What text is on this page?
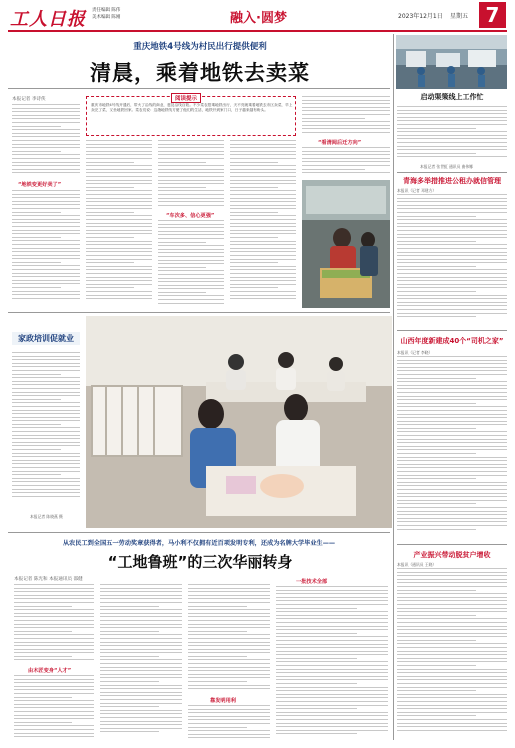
工人日报 责任编辑 陈伟
美术编辑 陈刚	融入·圆梦	2023年12月1日 星期五 7
重庆地铁4号线为村民出行提供便利
清晨，乘着地铁去卖菜
本报记者 李诗侠
“地铁变更好卖了”
阅读提示
重庆市地铁4号线开通后，带火了沿线的商业，惠及沿线百姓。不少菜农搭乘地铁出行，天不亮就乘着地铁去市区卖菜，早上卖完了菜，又坐地铁回家。菜农们说：这趟地铁线方便了他们的生活，地铁开到家门口，日子越来越有盼头。
“车次多、信心更强”
“看清阅后迁方向”
启动渠策线上工作忙
本报记者 张世虹 通讯员 曲伟娜
青海多举措推进公租办就信管理
本报讯（记者 邓建方）
山西年度新建成40个“司机之家”
本报讯（记者 李晓）
产业振兴带动脱贫户增收
本报讯（通讯员 王晓）
家政培训促就业
本报记者 陈晓燕 摄
从农民工到全国五一劳动奖章获得者，马小利不仅拥有近百项发明专利，还成为名牌大学毕业生——
“工地鲁班”的三次华丽转身
本报记者 陈光和 本报通讯员 邵健
由木匠变身“人才”
靠发明用利
一批技术全部
